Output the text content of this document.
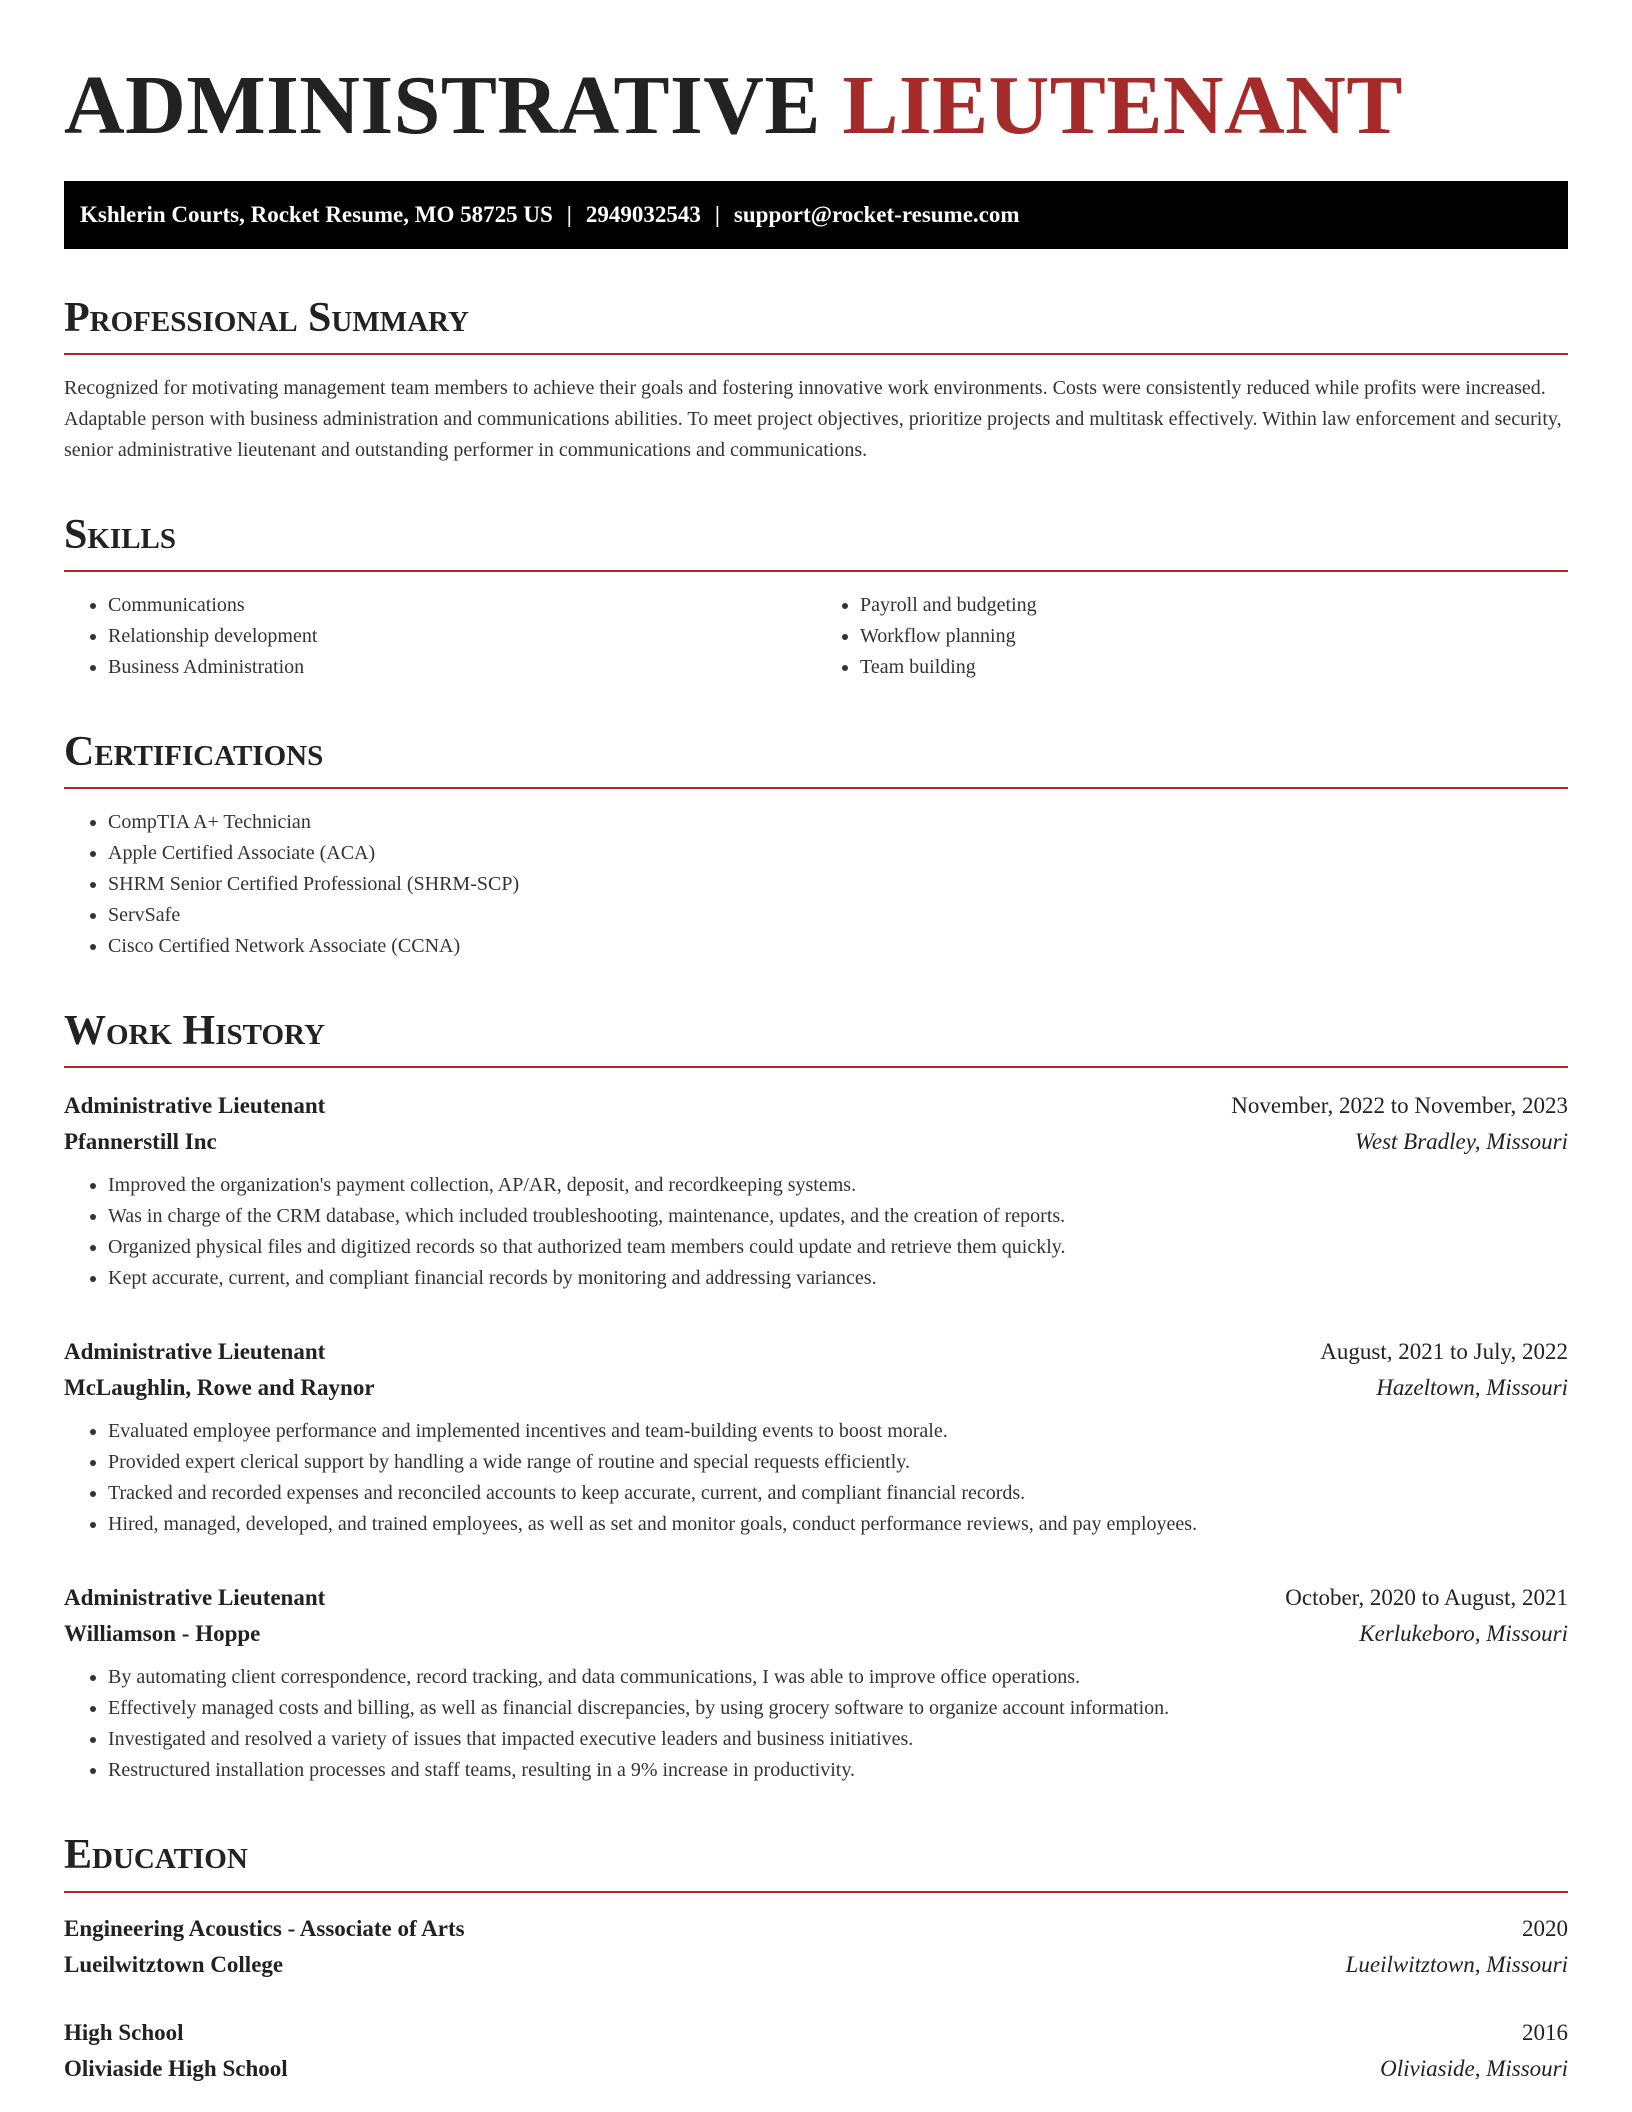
ADMINISTRATIVE LIEUTENANT
Kshlerin Courts, Rocket Resume, MO 58725 US | 2949032543 | support@rocket-resume.com
Professional Summary

Recognized for motivating management team members to achieve their goals and fostering innovative work environments. Costs were consistently reduced while profits were increased. Adaptable person with business administration and communications abilities. To meet project objectives, prioritize projects and multitask effectively. Within law enforcement and security, senior administrative lieutenant and outstanding performer in communications and communications.

Skills
• Communications
• Relationship development
• Business Administration
• Payroll and budgeting
• Workflow planning
• Team building
Certifications
• CompTIA A+ Technician
• Apple Certified Associate (ACA)
• SHRM Senior Certified Professional (SHRM-SCP)
• ServSafe
• Cisco Certified Network Associate (CCNA)
Work History
Administrative Lieutenant	November, 2022 to November, 2023
Pfannerstill Inc	West Bradley, Missouri
• Improved the organization's payment collection, AP/AR, deposit, and recordkeeping systems.
• Was in charge of the CRM database, which included troubleshooting, maintenance, updates, and the creation of reports.
• Organized physical files and digitized records so that authorized team members could update and retrieve them quickly.
• Kept accurate, current, and compliant financial records by monitoring and addressing variances.
Administrative Lieutenant	August, 2021 to July, 2022
McLaughlin, Rowe and Raynor	Hazeltown, Missouri
• Evaluated employee performance and implemented incentives and team-building events to boost morale.
• Provided expert clerical support by handling a wide range of routine and special requests efficiently.
• Tracked and recorded expenses and reconciled accounts to keep accurate, current, and compliant financial records.
• Hired, managed, developed, and trained employees, as well as set and monitor goals, conduct performance reviews, and pay employees.
Administrative Lieutenant	October, 2020 to August, 2021
Williamson - Hoppe	Kerlukeboro, Missouri
• By automating client correspondence, record tracking, and data communications, I was able to improve office operations.
• Effectively managed costs and billing, as well as financial discrepancies, by using grocery software to organize account information.
• Investigated and resolved a variety of issues that impacted executive leaders and business initiatives.
• Restructured installation processes and staff teams, resulting in a 9% increase in productivity.
Education
Engineering Acoustics - Associate of Arts	2020
Lueilwitztown College	Lueilwitztown, Missouri
High School	2016
Oliviaside High School	Oliviaside, Missouri
